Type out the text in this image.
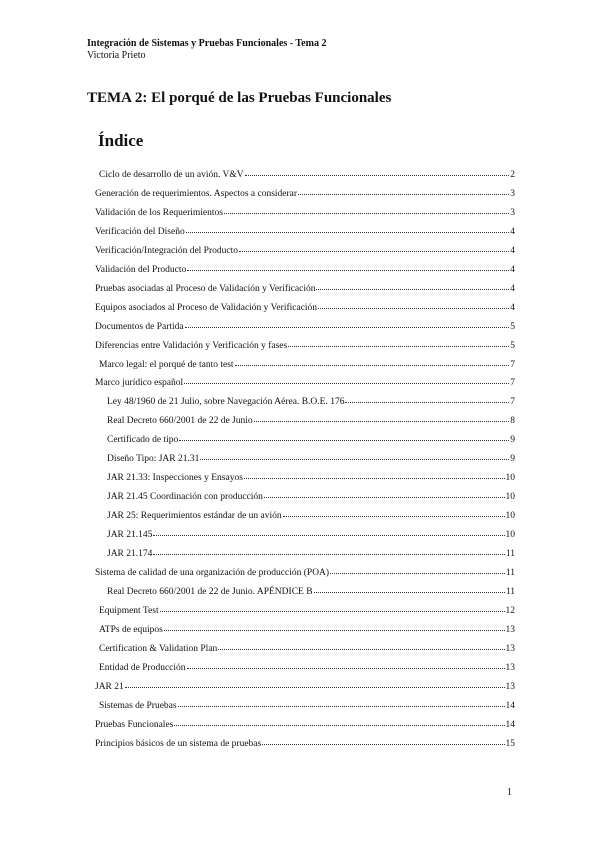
Integración de Sistemas y Pruebas Funcionales - Tema 2
Victoria Prieto
TEMA 2: El porqué de las Pruebas Funcionales
Índice
Ciclo de desarrollo de un avión. V&V	2
Generación de requerimientos. Aspectos a considerar	3
Validación de los Requerimientos	3
Verificación del Diseño	4
Verificación/Integración del Producto	4
Validación del Producto	4
Pruebas asociadas al Proceso de Validación y Verificación	4
Equipos asociados al Proceso de Validación y Verificación	4
Documentos de Partida	5
Diferencias entre Validación y Verificación y fases	5
Marco legal: el porqué de tanto test	7
Marco jurídico español	7
Ley 48/1960 de 21 Julio, sobre Navegación Aérea. B.O.E. 176	7
Real Decreto 660/2001 de 22 de Junio	8
Certificado de tipo	9
Diseño Tipo: JAR 21.31	9
JAR 21.33: Inspecciones y Ensayos	10
JAR 21.45 Coordinación con producción	10
JAR 25: Requerimientos estándar de un avión	10
JAR 21.145	10
JAR 21.174	11
Sistema de calidad de una organización de producción (POA)	11
Real Decreto 660/2001 de 22 de Junio. APÉNDICE B	11
Equipment Test	12
ATPs de equipos	13
Certification & Validation Plan	13
Entidad de Producción	13
JAR 21	13
Sistemas de Pruebas	14
Pruebas Funcionales	14
Principios básicos de un sistema de pruebas	15
1
